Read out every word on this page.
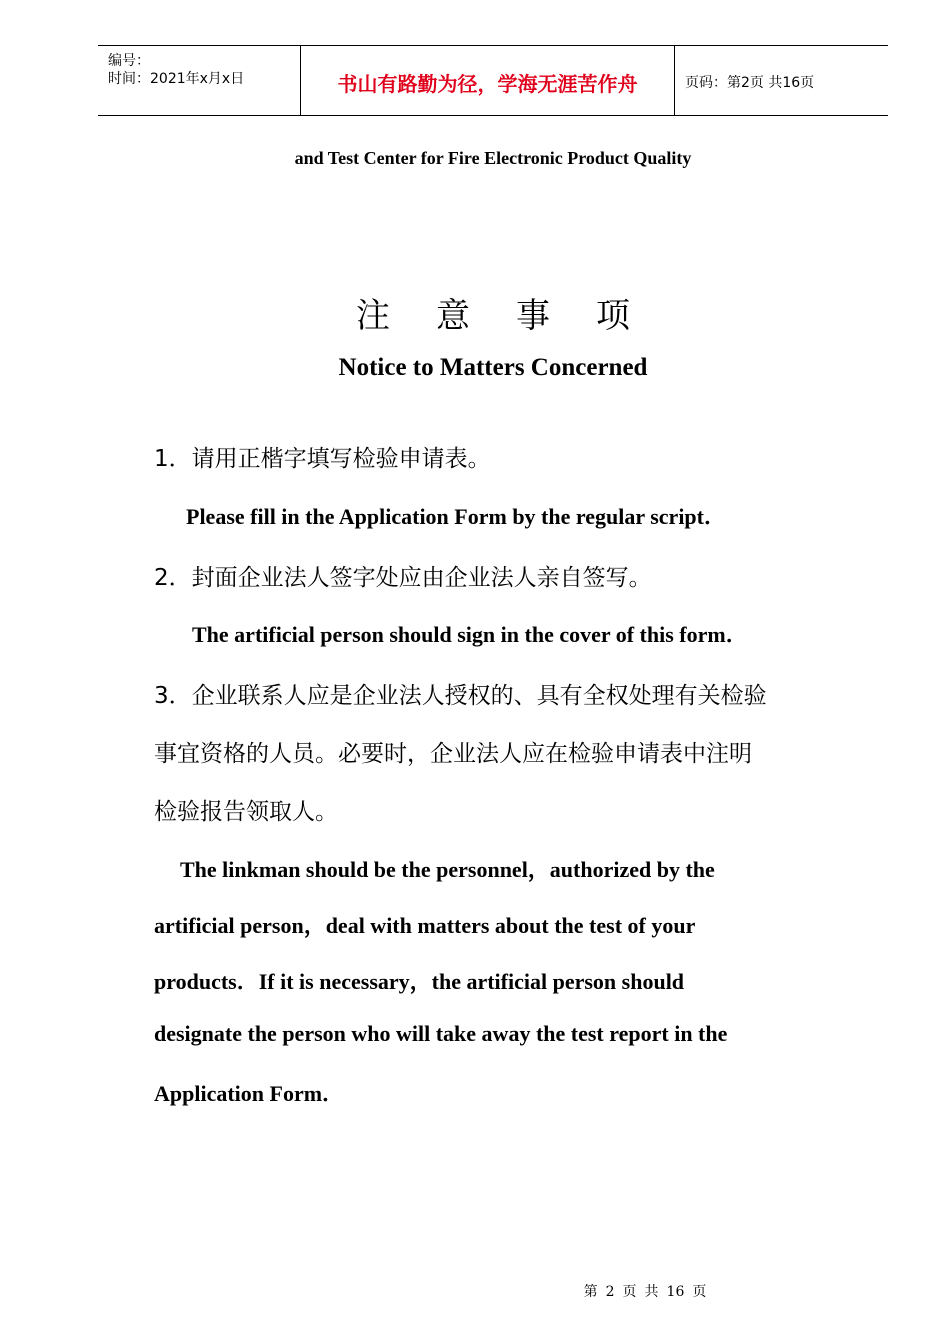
编号：
时间：2021年x月x日	书山有路勤为径，学海无涯苦作舟	页码：第2页 共16页
and Test Center for Fire Electronic Product Quality
注意事项
Notice to Matters Concerned
1．请用正楷字填写检验申请表。
Please fill in the Application Form by the regular script．
2．封面企业法人签字处应由企业法人亲自签写。
The artificial person should sign in the cover of this form．
3．企业联系人应是企业法人授权的、具有全权处理有关检验
事宜资格的人员。必要时，企业法人应在检验申请表中注明
检验报告领取人。
The linkman should be the personnel，authorized by the
artificial person，deal with matters about the test of your
products．If it is necessary，the artificial person should
designate the person who will take away the test report in the
Application Form．
第 2 页 共 16 页
